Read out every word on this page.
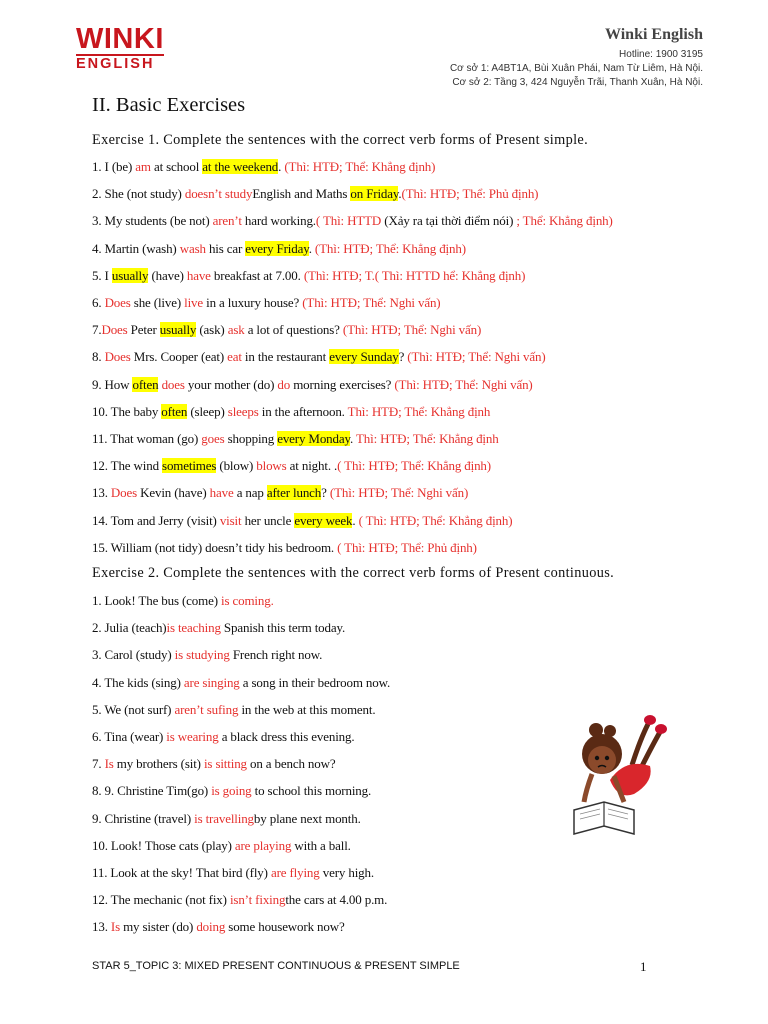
WINKI
ENGLISH
Winki English
Hotline: 1900 3195
Cơ sở 1: A4BT1A, Bùi Xuân Phái, Nam Từ Liêm, Hà Nội.
Cơ sở 2: Tầng 3, 424 Nguyễn Trãi, Thanh Xuân, Hà Nội.
II. Basic Exercises
Exercise 1. Complete the sentences with the correct verb forms of Present simple.
1. I (be) am at school at the weekend. (Thì: HTĐ; Thể: Khẳng định)
2. She (not study) doesn’t studyEnglish and Maths on Friday.(Thì: HTĐ; Thể: Phủ định)
3. My students (be not) aren’t hard working.( Thì: HTTD (Xảy ra tại thời điểm nói) ; Thể: Khẳng định)
4. Martin (wash) wash his car every Friday. (Thì: HTĐ; Thể: Khẳng định)
5. I usually (have) have breakfast at 7.00. (Thì: HTĐ; T.( Thì: HTTD hể: Khẳng định)
6. Does she (live) live in a luxury house? (Thì: HTĐ; Thể: Nghi vấn)
7.Does Peter usually (ask) ask a lot of questions? (Thì: HTĐ; Thể: Nghi vấn)
8. Does Mrs. Cooper (eat) eat in the restaurant every Sunday? (Thì: HTĐ; Thể: Nghi vấn)
9. How often does your mother (do) do morning exercises? (Thì: HTĐ; Thể: Nghi vấn)
10. The baby often (sleep) sleeps in the afternoon. Thì: HTĐ; Thể: Khẳng định
11. That woman (go) goes shopping every Monday. Thì: HTĐ; Thể: Khẳng định
12. The wind sometimes (blow) blows at night. .( Thì: HTĐ; Thể: Khẳng định)
13. Does Kevin (have) have a nap after lunch? (Thì: HTĐ; Thể: Nghi vấn)
14. Tom and Jerry (visit) visit her uncle every week. ( Thì: HTĐ; Thể: Khẳng định)
15. William (not tidy) doesn’t tidy his bedroom. ( Thì: HTĐ; Thể: Phủ định)
Exercise 2. Complete the sentences with the correct verb forms of Present continuous.
1. Look! The bus (come) is coming.
2. Julia (teach)is teaching Spanish this term today.
3. Carol (study) is studying French right now.
4. The kids (sing) are singing a song in their bedroom now.
5. We (not surf) aren’t sufing in the web at this moment.
6. Tina (wear) is wearing a black dress this evening.
7. Is my brothers (sit) is sitting on a bench now?
8. 9. Christine Tim(go) is going to school this morning.
9. Christine (travel) is travellingby plane next month.
10. Look! Those cats (play) are playing with a ball.
11. Look at the sky! That bird (fly) are flying very high.
12. The mechanic (not fix) isn’t fixingthe cars at 4.00 p.m.
13. Is my sister (do) doing some housework now?
STAR 5_TOPIC 3: MIXED PRESENT CONTINUOUS & PRESENT SIMPLE	1
